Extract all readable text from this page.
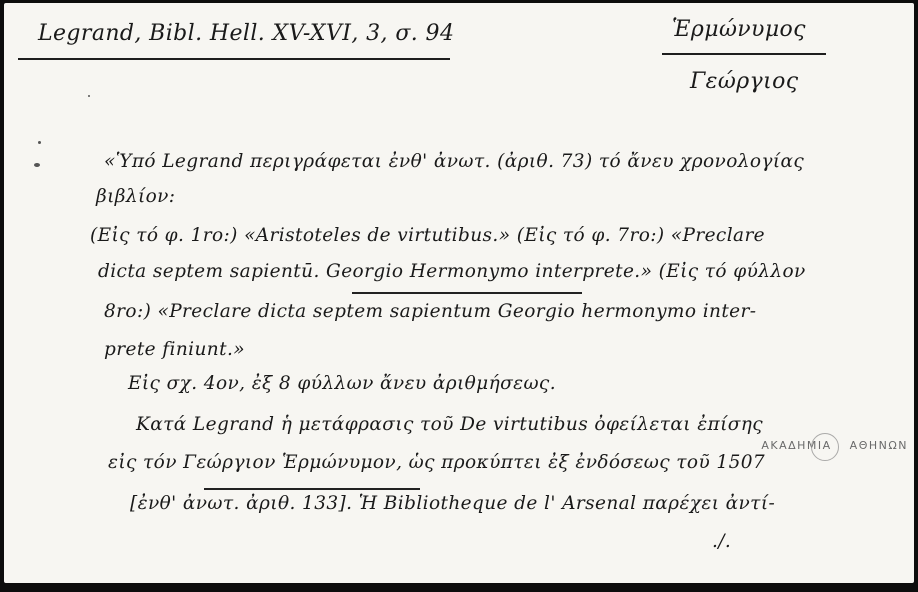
Legrand, Bibl. Hell. XV-XVI, 3, σ. 94	Ἑρμώνυμος
Γεώργιος
«Ὑπό Legrand περιγράφεται ἐνθ' ἀνωτ. (ἀριθ. 73) τό ἄνευ χρονολογίας
βιβλίον:
(Εἰς τό φ. 1ro:) «Aristoteles de virtutibus.» (Εἰς τό φ. 7ro:) «Preclare
dicta septem sapientū. Georgio Hermonymo interprete.» (Εἰς τό φύλλον
8ro:) «Preclare dicta septem sapientum Georgio hermonymo inter-
prete finiunt.»
Εἰς σχ. 4ον, ἐξ 8 φύλλων ἄνευ ἀριθμήσεως.
Κατά Legrand ἡ μετάφρασις τοῦ De virtutibus ὀφείλεται ἐπίσης
εἰς τόν Γεώργιον Ἑρμώνυμον, ὡς προκύπτει ἐξ ἐνδόσεως τοῦ 1507
[ἐνθ' ἀνωτ. ἀριθ. 133]. Ἡ Bibliotheque de l' Arsenal παρέχει ἀντί-
./.
ΑΚΑΔΗΜΙΑ ΑΘΗΝΩΝ
